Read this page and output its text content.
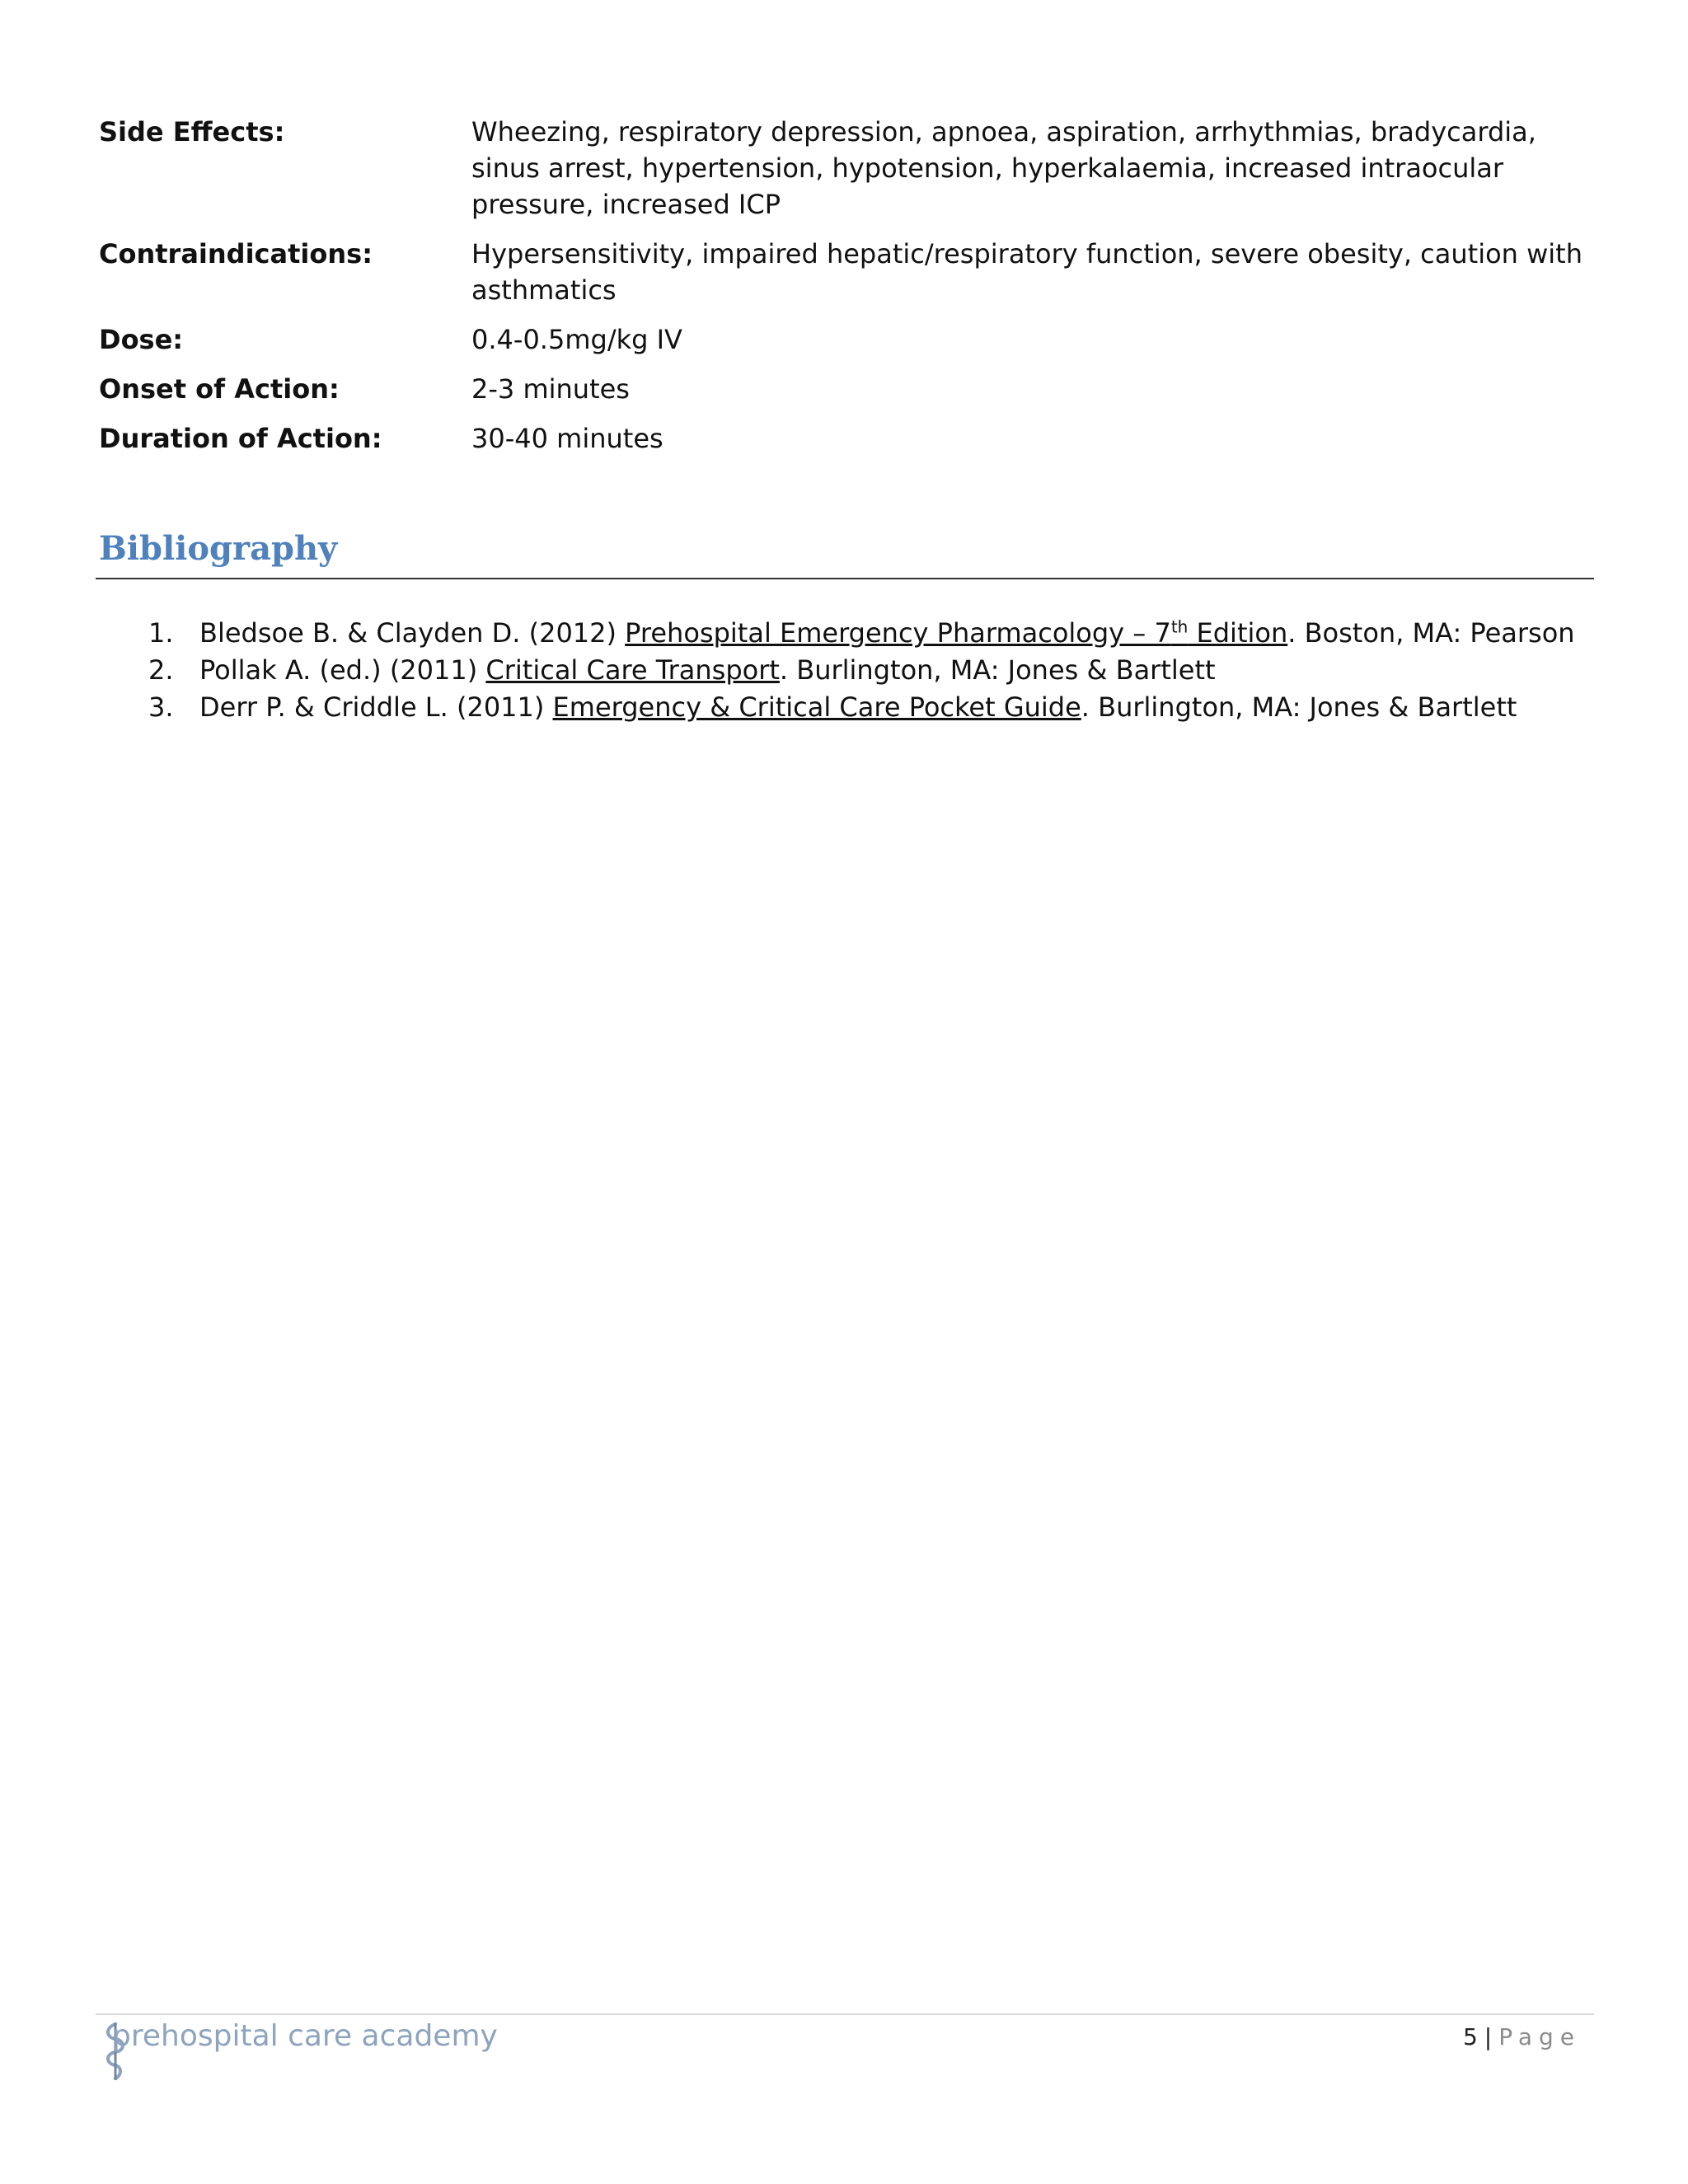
Side Effects:	Wheezing, respiratory depression, apnoea, aspiration, arrhythmias, bradycardia, sinus arrest, hypertension, hypotension, hyperkalaemia, increased intraocular pressure, increased ICP
Contraindications:	Hypersensitivity, impaired hepatic/respiratory function, severe obesity, caution with asthmatics
Dose:	0.4-0.5mg/kg IV
Onset of Action:	2-3 minutes
Duration of Action:	30-40 minutes
Bibliography
1. Bledsoe B. & Clayden D. (2012) Prehospital Emergency Pharmacology – 7th Edition. Boston, MA: Pearson
2. Pollak A. (ed.) (2011) Critical Care Transport. Burlington, MA: Jones & Bartlett
3. Derr P. & Criddle L. (2011) Emergency & Critical Care Pocket Guide. Burlington, MA: Jones & Bartlett
prehospital care academy	5 | Page
